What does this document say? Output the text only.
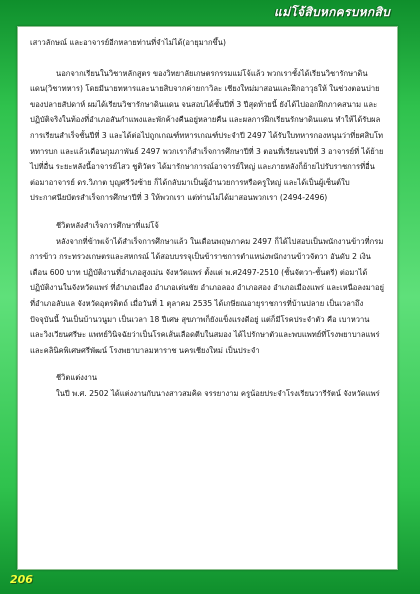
แม่โจ้สิบหกครบหกสิบ

เสาวลักษณ์ และอาจารย์อีกหลายท่านที่จำไม่ได้(อายุมากขึ้น)

นอกจากเรียนในวิชาหลักสูตร ของวิทยาลัยเกษตรกรรมแม่โจ้แล้ว พวกเราชั้งได้เรียนวิชารักษาดินแดน(วิชาทหาร) โดยมีนายทหารและนายสิบจากค่ายกาวิละ เชียงใหม่มาสอนและฝึกอาวุธให้ ในช่วงตอนบ่ายของปลายสัปดาห์ ผมได้เรียนวิชารักษาดินแดน จนสอบได้ชั้นปีที่ 3 ปีสุดท้ายนี้ ยังได้ไปออกฝึกภาคสนาม และปฏิบัติจริงในท้องที่อำเภอสันกำแพงและพักค้างคืนอยู่หลายคืน และผลการฝึกเรียนรักษาดินแดน ทำให้ได้รับผลการเรียนสำเร็จชั้นปีที่ 3 และได้ต่อไปถูกเกณฑ์ทหารเกณฑ์ประจำปี 2497 ได้รับใบทหารกองหนุนว่าที่ยศสิบโทหทารบก และแล้วเดือนกุมภาพันธ์ 2497 พวกเราก็สำเร็จการศึกษาปีที่ 3 ตอนที่เรียนจบปีที่ 3 อาจารย์ที่ ได้ย้ายไปที่อื่น ระยะหลังนี้อาจารย์ไสว ชูติวัตร ได้มารักษาการณ์อาจารย์ใหญ่ และภายหลังก็ย้ายไปรับราชการที่อื่น ต่อมาอาจารย์ ดร.วิภาต บุญศรีวังซ้าย ก็ได้กลับมาเป็นผู้อำนวยการหรือครูใหญ่ และได้เป็นผู้เซ็นต์ใบประกาศนียบัตรสำเร็จการศึกษาปีที่ 3 ให้พวกเรา แต่ท่านไม่ได้มาสอนพวกเรา (2494-2496)

ชีวิตหลังสำเร็จการศึกษาที่แม่โจ้

หลังจากที่ข้าพเจ้าได้สำเร็จการศึกษาแล้ว ในเดือนพฤษภาคม 2497 ก็ได้ไปสอบเป็นพนักงานข้าวที่กรมการข้าว กระทรวงเกษตรและสหกรณ์ ได้สอบบรรจุเป็นข้าราชการตำแหน่งพนักงานข้าวจัตวา อันดับ 2 เงินเดือน 600 บาท ปฏิบัติงานที่อำเภอสูงเม่น จังหวัดแพร่ ตั้งแต่ พ.ศ2497-2510 (ชั้นจัตวา-ชั้นตรี) ต่อมาได้ปฏิบัติงานในจังหวัดแพร่ ที่อำเภอเมือง อำเภอเด่นชัย อำเภอลอง อำเภอสอง อำเภอเมืองแพร่ และเหนือลงมาอยู่ที่อำเภอลับแล จังหวัดอุตรดิตถ์ เมื่อวันที่ 1 ตุลาคม 2535 ได้เกษียณอายุราชการที่บ้านปลาย เป็นเวลาถึงปัจจุบันนี้ วันเป็นบ้านวนูมา เป็นเวลา 18 ปีเศษ สุขภาพก็ยังแข็งแรงดีอยู่ แต่ก็มีโรคประจำตัว คือ เบาหวาน และวิงเวียนศรีษะ แพทย์วินิจฉัยว่าเป็นโรคเส้นเลือดตีบในสมอง ได้ไปรักษาตัวและพบแพทย์ที่โรงพยาบาลแพร่ และคลินิคพิเศษศรีพัฒน์ โรงพยาบาลมหาราช นครเชียงใหม่ เป็นประจำ

ชีวิตแต่งงาน

ในปี พ.ศ. 2502 ได้แต่งงานกับนางสาวสมคิด จรรยางาม ครูน้อยประจำโรงเรียนวารีรัตน์ จังหวัดแพร่

206
